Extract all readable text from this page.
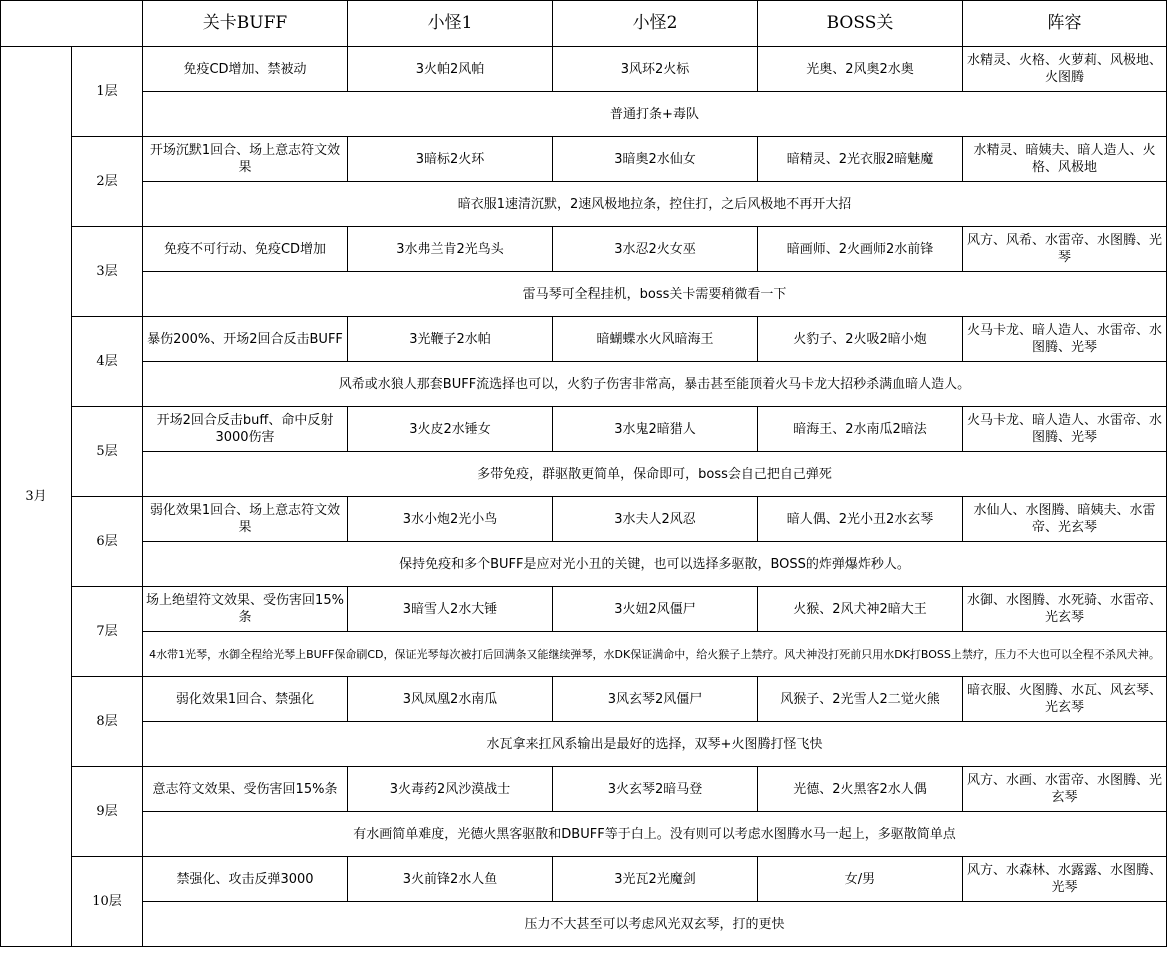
		关卡BUFF	小怪1	小怪2	BOSS关	阵容
3月	1层	免疫CD增加、禁被动	3火帕2风帕	3风环2火标	光奥、2风奥2水奥	水精灵、火格、火萝莉、风极地、火图腾
		普通打条+毒队				
	2层	开场沉默1回合、场上意志符文效果	3暗标2火环	3暗奥2水仙女	暗精灵、2光衣服2暗魅魔	水精灵、暗姨夫、暗人造人、火格、风极地
		暗衣服1速清沉默，2速风极地拉条，控住打，之后风极地不再开大招				
	3层	免疫不可行动、免疫CD增加	3水弗兰肯2光鸟头	3水忍2火女巫	暗画师、2火画师2水前锋	风方、风希、水雷帝、水图腾、光琴
		雷马琴可全程挂机，boss关卡需要稍微看一下				
	4层	暴伤200%、开场2回合反击BUFF	3光鞭子2水帕	暗蝴蝶水火风暗海王	火豹子、2火吸2暗小炮	火马卡龙、暗人造人、水雷帝、水图腾、光琴
		风希或水狼人那套BUFF流选择也可以，火豹子伤害非常高，暴击甚至能顶着火马卡龙大招秒杀满血暗人造人。				
	5层	开场2回合反击buff、命中反射3000伤害	3火皮2水锤女	3水鬼2暗猎人	暗海王、2水南瓜2暗法	火马卡龙、暗人造人、水雷帝、水图腾、光琴
		多带免疫，群驱散更简单，保命即可，boss会自己把自己弹死				
	6层	弱化效果1回合、场上意志符文效果	3水小炮2光小鸟	3水夫人2风忍	暗人偶、2光小丑2水玄琴	水仙人、水图腾、暗姨夫、水雷帝、光玄琴
		保持免疫和多个BUFF是应对光小丑的关键，也可以选择多驱散，BOSS的炸弹爆炸秒人。				
	7层	场上绝望符文效果、受伤害回15%条	3暗雪人2水大锤	3火妞2风僵尸	火猴、2风犬神2暗大王	水御、水图腾、水死骑、水雷帝、光玄琴
		4水带1光琴，水御全程给光琴上BUFF保命刷CD，保证光琴每次被打后回满条又能继续弹琴，水DK保证满命中，给火猴子上禁疗。风犬神没打死前只用水DK打BOSS上禁疗，压力不大也可以全程不杀风犬神。				
	8层	弱化效果1回合、禁强化	3风凤凰2水南瓜	3风玄琴2风僵尸	风猴子、2光雪人2二觉火熊	暗衣服、火图腾、水瓦、风玄琴、光玄琴
		水瓦拿来扛风系输出是最好的选择，双琴+火图腾打怪飞快				
	9层	意志符文效果、受伤害回15%条	3火毒药2风沙漠战士	3火玄琴2暗马登	光德、2火黑客2水人偶	风方、水画、水雷帝、水图腾、光玄琴
		有水画简单难度，光德火黑客驱散和DBUFF等于白上。没有则可以考虑水图腾水马一起上，多驱散简单点				
	10层	禁强化、攻击反弹3000	3火前锋2水人鱼	3光瓦2光魔剑	女/男	风方、水森林、水露露、水图腾、光琴
		压力不大甚至可以考虑风光双玄琴，打的更快				
